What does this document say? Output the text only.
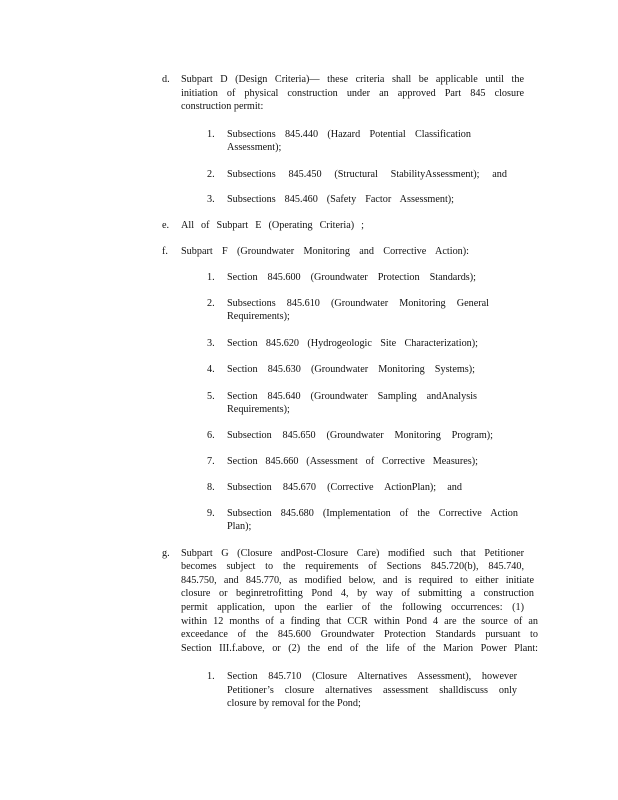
d. Subpart D (Design Criteria)— these criteria shall be applicable until the
initiation of physical construction under an approved Part 845 closure
construction permit:
1. Subsections 845.440 (Hazard Potential Classification
Assessment);
2. Subsections 845.450 (Structural StabilityAssessment); and
3. Subsections 845.460 (Safety Factor Assessment);
e. All of Subpart E (Operating Criteria) ;
f. Subpart F (Groundwater Monitoring and Corrective Action):
1. Section 845.600 (Groundwater Protection Standards);
2. Subsections 845.610 (Groundwater Monitoring General
Requirements);
3. Section 845.620 (Hydrogeologic Site Characterization);
4. Section 845.630 (Groundwater Monitoring Systems);
5. Section 845.640 (Groundwater Sampling andAnalysis
Requirements);
6. Subsection 845.650 (Groundwater Monitoring Program);
7. Section 845.660 (Assessment of Corrective Measures);
8. Subsection 845.670 (Corrective ActionPlan); and
9. Subsection 845.680 (Implementation of the Corrective Action
Plan);
g. Subpart G (Closure andPost-Closure Care) modified such that Petitioner
becomes subject to the requirements of Sections 845.720(b), 845.740,
845.750, and 845.770, as modified below, and is required to either initiate
closure or beginretrofitting Pond 4, by way of submitting a construction
permit application, upon the earlier of the following occurrences: (1)
within 12 months of a finding that CCR within Pond 4 are the source of an
exceedance of the 845.600 Groundwater Protection Standards pursuant to
Section III.f.above, or (2) the end of the life of the Marion Power Plant:
1. Section 845.710 (Closure Alternatives Assessment), however
Petitioner’s closure alternatives assessment shalldiscuss only
closure by removal for the Pond;
